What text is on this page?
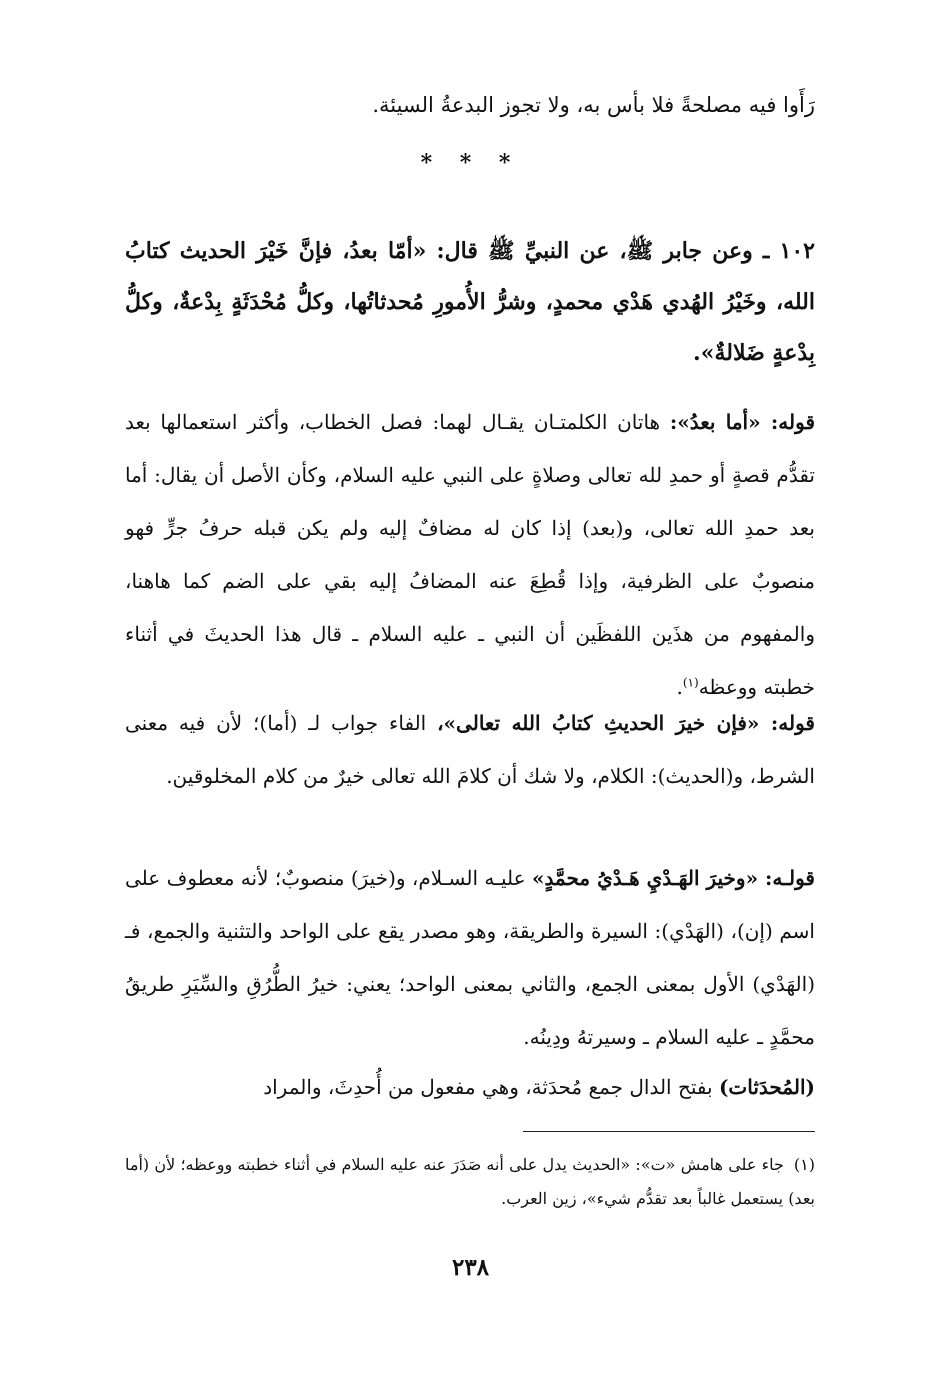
رَأَوا فيه مصلحةً فلا بأس به، ولا تجوز البدعةُ السيئة.

* * *

١٠٢ ـ وعن جابر ﷺ، عن النبيِّ ﷺ قال: «أمّا بعدُ، فإنَّ خَيْرَ الحديث كتابُ الله، وخَيْرُ الهُدي هَدْي محمدٍ، وشرُّ الأُمورِ مُحدثاتُها، وكلُّ مُحْدَثَةٍ بِدْعةٌ، وكلُّ بِدْعةٍ ضَلالةٌ».

قوله: «أما بعدُ»: هاتان الكلمتـان يقـال لهما: فصل الخطاب، وأكثر استعمالها بعد تقدُّم قصةٍ أو حمدِ لله تعالى وصلاةٍ على النبي عليه السلام، وكأن الأصل أن يقال: أما بعد حمدِ الله تعالى، و(بعد) إذا كان له مضافٌ إليه ولم يكن قبله حرفُ جرٍّ فهو منصوبٌ على الظرفية، وإذا قُطِعَ عنه المضافُ إليه بقي على الضم كما هاهنا، والمفهوم من هذَين اللفظَين أن النبي ـ عليه السلام ـ قال هذا الحديثَ في أثناء خطبته ووعظه$^{(١)}$.

قوله: «فإن خيرَ الحديثِ كتابُ الله تعالى»، الفاء جواب لـ (أما)؛ لأن فيه معنى الشرط، و(الحديث): الكلام، ولا شك أن كلامَ الله تعالى خيرٌ من كلام المخلوقين.

قولـه: «وخيرَ الهَـدْيِ هَـدْيُ محمَّدٍ» عليـه السـلام، و(خيرَ) منصوبٌ؛ لأنه معطوف على اسم (إن)، (الهَدْي): السيرة والطريقة، وهو مصدر يقع على الواحد والتثنية والجمع، فـ (الهَدْي) الأول بمعنى الجمع، والثاني بمعنى الواحد؛ يعني: خيرُ الطُّرُقِ والسِّيَرِ طريقُ محمَّدٍ ـ عليه السلام ـ وسيرتهُ ودِينُه.

(المُحدَثات) بفتح الدال جمع مُحدَثة، وهي مفعول من أُحدِثَ، والمراد

(١)جاء على هامش «ت»: «الحديث يدل على أنه صَدَرَ عنه عليه السلام في أثناء خطبته ووعظه؛ لأن (أما بعد) يستعمل غالباً بعد تقدُّم شيء»، زين العرب.

٢٣٨
